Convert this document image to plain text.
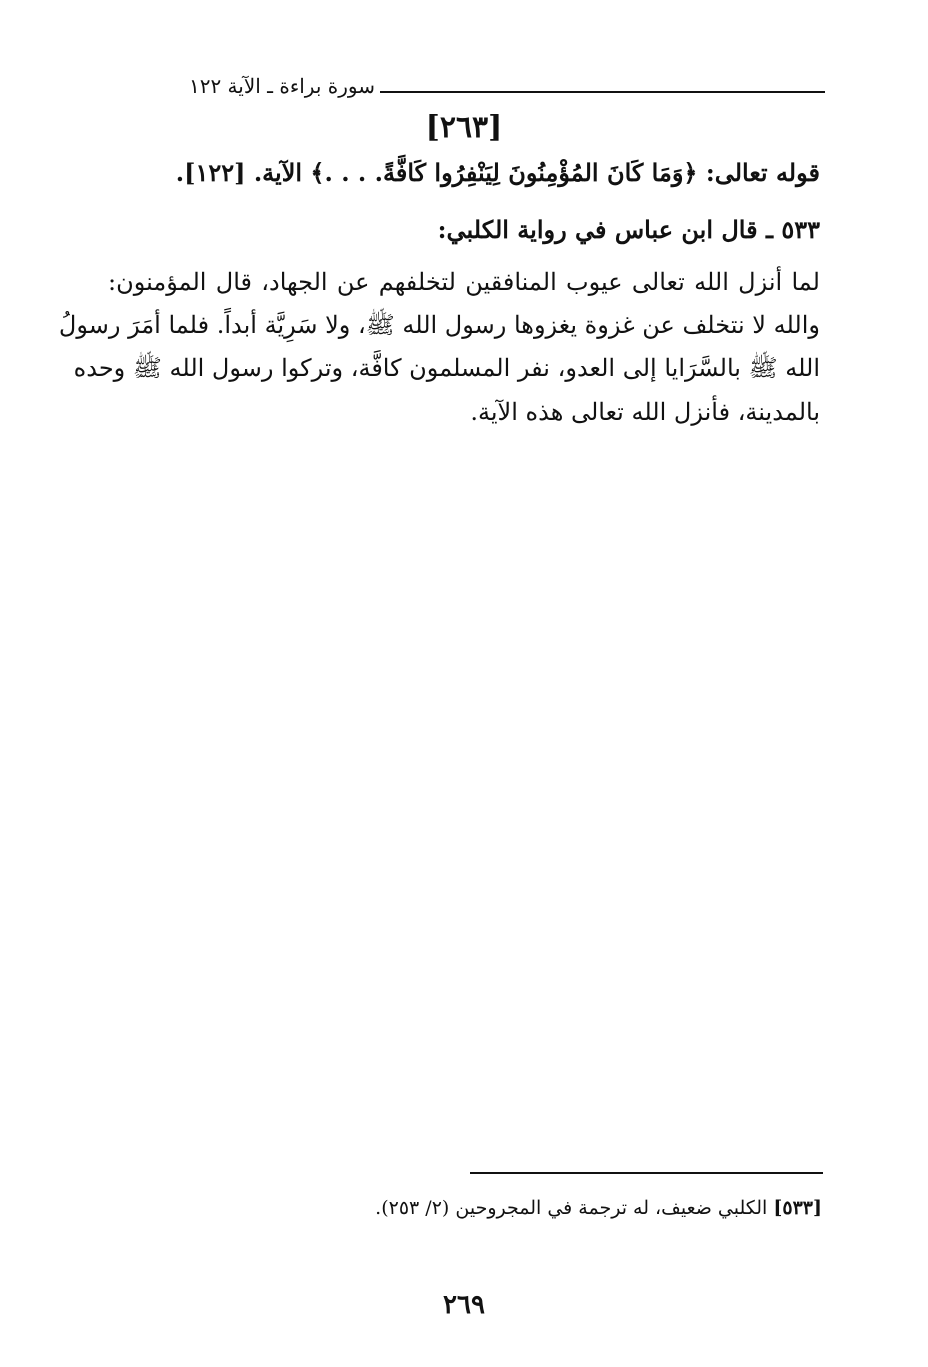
سورة براءة ـ الآية ١٢٢
[٢٦٣]
قوله تعالى: ﴿وَمَا كَانَ المُؤْمِنُونَ لِيَنْفِرُوا كَافَّةً. . . .﴾ الآية. [١٢٢].
٥٣٣ ـ قال ابن عباس في رواية الكلبي:
لما أنزل الله تعالى عيوب المنافقين لتخلفهم عن الجهاد، قال المؤمنون:
والله لا نتخلف عن غزوة يغزوها رسول الله ﷺ، ولا سَرِيَّة أبداً. فلما أمَرَ رسولُ
الله ﷺ بالسَّرَايا إلى العدو، نفر المسلمون كافَّة، وتركوا رسول الله ﷺ وحده
بالمدينة، فأنزل الله تعالى هذه الآية.
[٥٣٣] الكلبي ضعيف، له ترجمة في المجروحين (٢/ ٢٥٣).
٢٦٩
